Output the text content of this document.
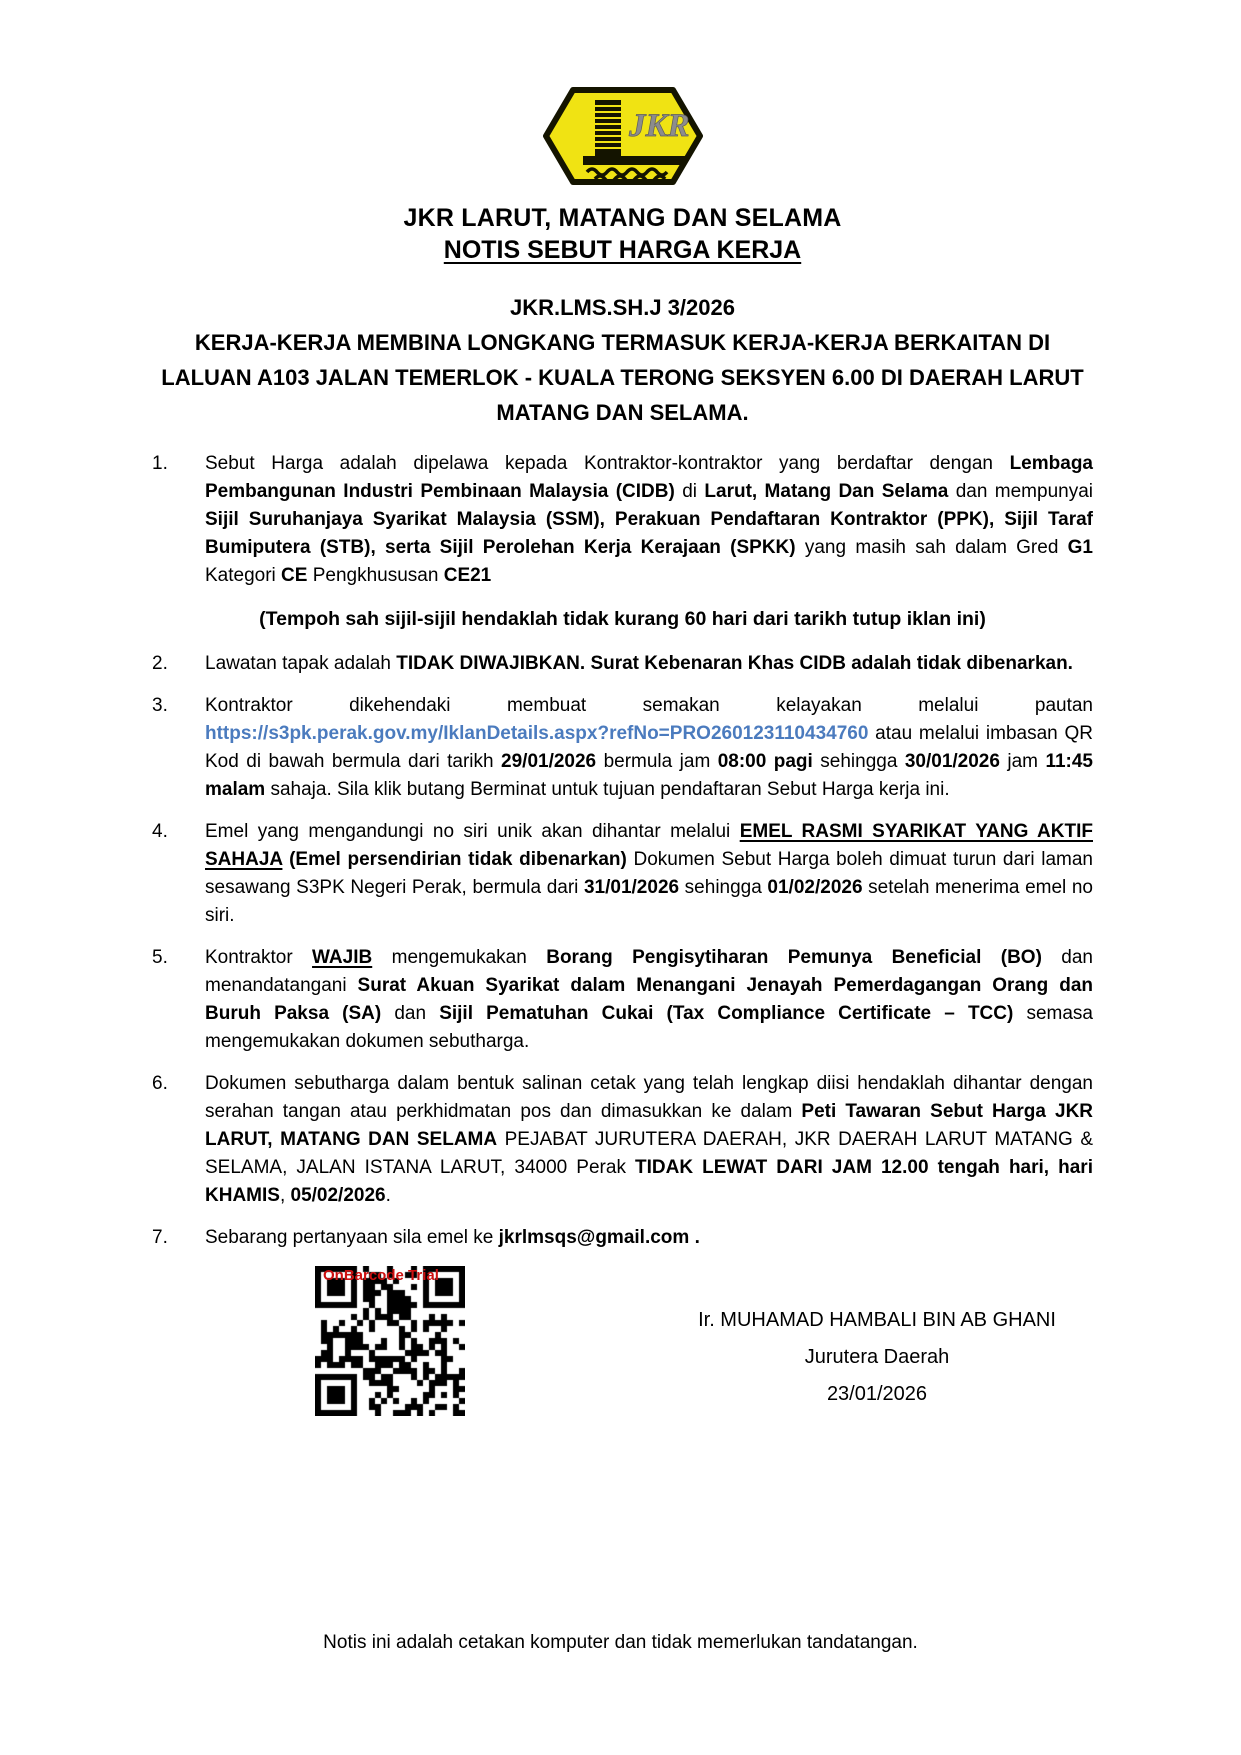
JKR
JKR LARUT, MATANG DAN SELAMA
NOTIS SEBUT HARGA KERJA
JKR.LMS.SH.J 3/2026
KERJA-KERJA MEMBINA LONGKANG TERMASUK KERJA-KERJA BERKAITAN DI LALUAN A103 JALAN TEMERLOK - KUALA TERONG SEKSYEN 6.00 DI DAERAH LARUT MATANG DAN SELAMA.
1.	Sebut Harga adalah dipelawa kepada Kontraktor-kontraktor yang berdaftar dengan Lembaga Pembangunan Industri Pembinaan Malaysia (CIDB) di Larut, Matang Dan Selama dan mempunyai Sijil Suruhanjaya Syarikat Malaysia (SSM), Perakuan Pendaftaran Kontraktor (PPK), Sijil Taraf Bumiputera (STB), serta Sijil Perolehan Kerja Kerajaan (SPKK) yang masih sah dalam Gred G1 Kategori CE Pengkhususan CE21
(Tempoh sah sijil-sijil hendaklah tidak kurang 60 hari dari tarikh tutup iklan ini)
2.	Lawatan tapak adalah TIDAK DIWAJIBKAN. Surat Kebenaran Khas CIDB adalah tidak dibenarkan.
3.	Kontraktor dikehendaki membuat semakan kelayakan melalui pautan https://s3pk.perak.gov.my/IklanDetails.aspx?refNo=PRO260123110434760 atau melalui imbasan QR Kod di bawah bermula dari tarikh 29/01/2026 bermula jam 08:00 pagi sehingga 30/01/2026 jam 11:45 malam sahaja. Sila klik butang Berminat untuk tujuan pendaftaran Sebut Harga kerja ini.
4.	Emel yang mengandungi no siri unik akan dihantar melalui EMEL RASMI SYARIKAT YANG AKTIF SAHAJA (Emel persendirian tidak dibenarkan) Dokumen Sebut Harga boleh dimuat turun dari laman sesawang S3PK Negeri Perak, bermula dari 31/01/2026 sehingga 01/02/2026 setelah menerima emel no siri.
5.	Kontraktor WAJIB mengemukakan Borang Pengisytiharan Pemunya Beneficial (BO) dan menandatangani Surat Akuan Syarikat dalam Menangani Jenayah Pemerdagangan Orang dan Buruh Paksa (SA) dan Sijil Pematuhan Cukai (Tax Compliance Certificate – TCC) semasa mengemukakan dokumen sebutharga.
6.	Dokumen sebutharga dalam bentuk salinan cetak yang telah lengkap diisi hendaklah dihantar dengan serahan tangan atau perkhidmatan pos dan dimasukkan ke dalam Peti Tawaran Sebut Harga JKR LARUT, MATANG DAN SELAMA PEJABAT JURUTERA DAERAH, JKR DAERAH LARUT MATANG & SELAMA, JALAN ISTANA LARUT, 34000 Perak TIDAK LEWAT DARI JAM 12.00 tengah hari, hari KHAMIS, 05/02/2026.
7.	Sebarang pertanyaan sila emel ke jkrlmsqs@gmail.com .
OnBarcode Trial
Ir. MUHAMAD HAMBALI BIN AB GHANI
Jurutera Daerah
23/01/2026
Notis ini adalah cetakan komputer dan tidak memerlukan tandatangan.
